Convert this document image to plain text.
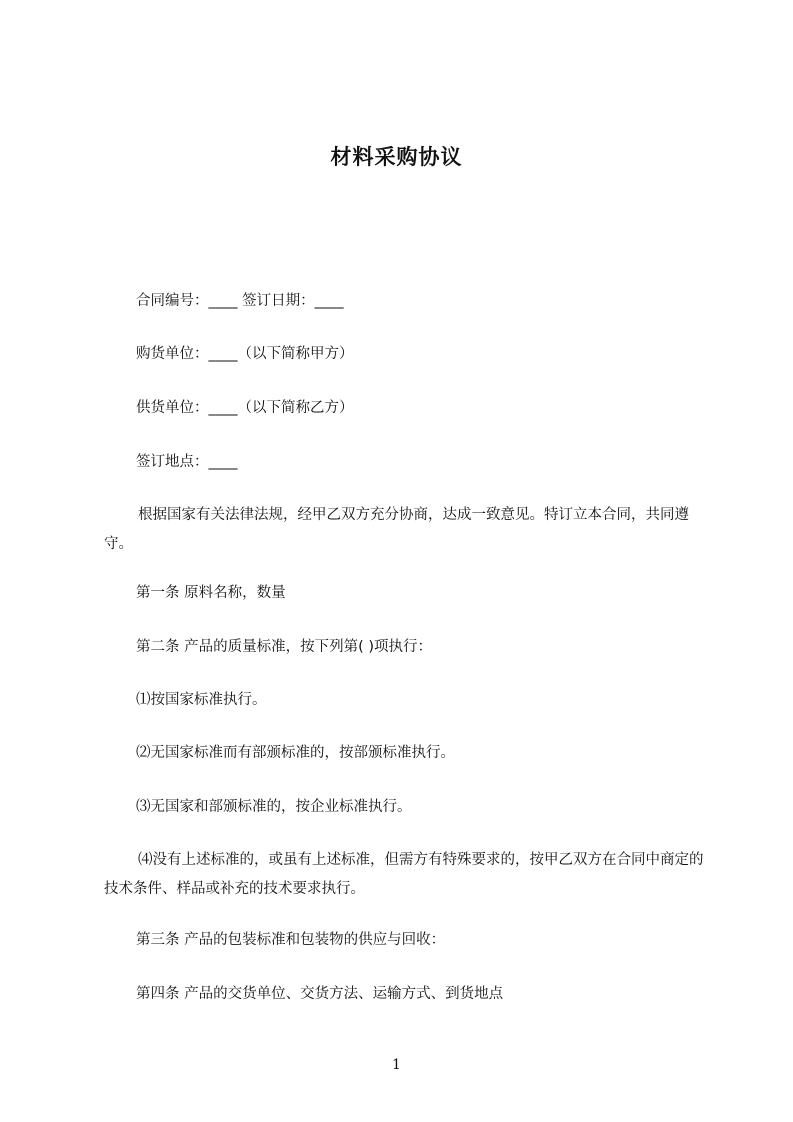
材料采购协议
合同编号：____ 签订日期：____
购货单位：____（以下简称甲方）
供货单位：____（以下简称乙方）
签订地点：____
根据国家有关法律法规，经甲乙双方充分协商，达成一致意见。特订立本合同，共同遵守。
第一条 原料名称，数量
第二条 产品的质量标准，按下列第( )项执行：
⑴按国家标准执行。
⑵无国家标准而有部颁标准的，按部颁标准执行。
⑶无国家和部颁标准的，按企业标准执行。
⑷没有上述标准的，或虽有上述标准，但需方有特殊要求的，按甲乙双方在合同中商定的技术条件、样品或补充的技术要求执行。
第三条 产品的包装标准和包装物的供应与回收：
第四条 产品的交货单位、交货方法、运输方式、到货地点
1
